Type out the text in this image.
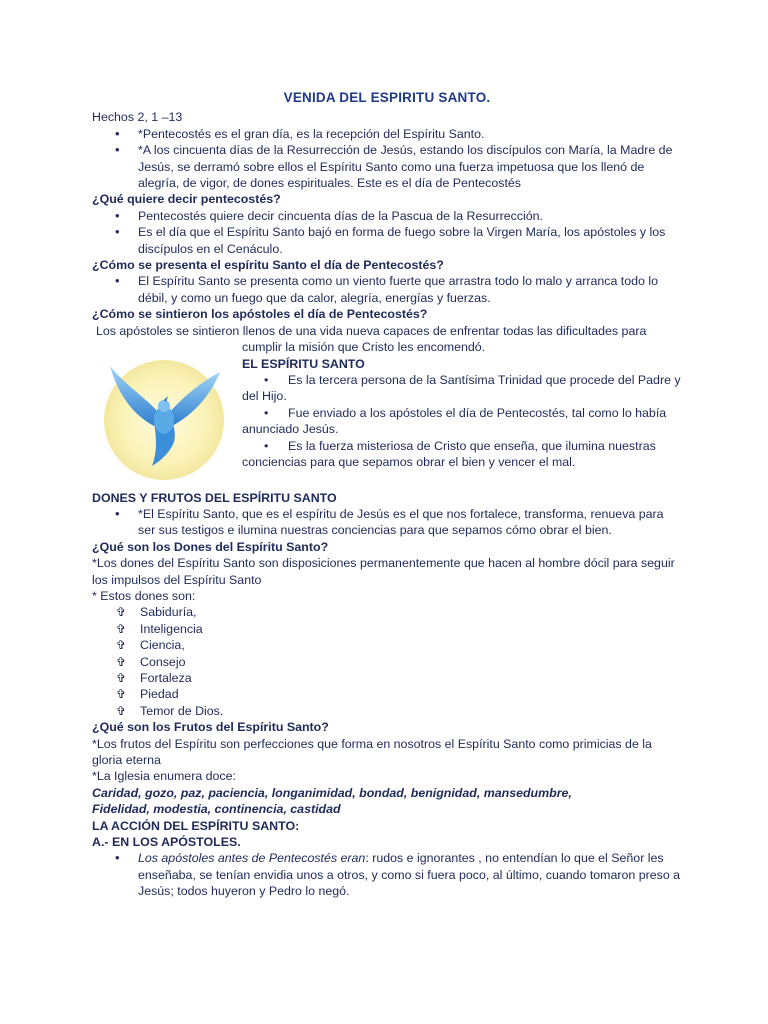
VENIDA DEL ESPIRITU SANTO.

Hechos 2, 1 –13

• *Pentecostés es el gran día, es la recepción del Espíritu Santo.
• *A los cincuenta días de la Resurrección de Jesús, estando los discípulos con María, la Madre de Jesús, se derramó sobre ellos el Espíritu Santo como una fuerza impetuosa que los llenó de alegría, de vigor, de dones espirituales. Este es el día de Pentecostés

¿Qué quiere decir pentecostés?

• Pentecostés quiere decir cincuenta días de la Pascua de la Resurrección.
• Es el día que el Espíritu Santo bajó en forma de fuego sobre la Virgen María, los apóstoles y los discípulos en el Cenáculo.

¿Cómo se presenta el espíritu Santo el día de Pentecostés?

• El Espíritu Santo se presenta como un viento fuerte que arrastra todo lo malo y arranca todo lo débil, y como un fuego que da calor, alegría, energías y fuerzas.

¿Cómo se sintieron los apóstoles el día de Pentecostés?

Los apóstoles se sintieron llenos de una vida nueva capaces de enfrentar todas las dificultades para

cumplir la misión que Cristo les encomendó.

EL ESPÍRITU SANTO

• Es la tercera persona de la Santísima Trinidad que procede del Padre y del Hijo.

• Fue enviado a los apóstoles el día de Pentecostés, tal como lo había anunciado Jesús.

• Es la fuerza misteriosa de Cristo que enseña, que ilumina nuestras conciencias para que sepamos obrar el bien y vencer el mal.

DONES Y FRUTOS DEL ESPÍRITU SANTO

• *El Espíritu Santo, que es el espíritu de Jesús es el que nos fortalece, transforma, renueva para ser sus testigos e ilumina nuestras conciencias para que sepamos cómo obrar el bien.

¿Qué son los Dones del Espíritu Santo?

*Los dones del Espíritu Santo son disposiciones permanentemente que hacen al hombre dócil para seguir los impulsos del Espíritu Santo

* Estos dones son:

✞ Sabiduría,
✞ Inteligencia
✞ Ciencia,
✞ Consejo
✞ Fortaleza
✞ Piedad
✞ Temor de Dios.

¿Qué son los Frutos del Espíritu Santo?

*Los frutos del Espíritu son perfecciones que forma en nosotros el Espíritu Santo como primicias de la gloria eterna

*La Iglesia enumera doce:

Caridad, gozo, paz, paciencia, longanimidad, bondad, benignidad, mansedumbre,

Fidelidad, modestia, continencia, castidad

LA ACCIÓN DEL ESPÍRITU SANTO:

A.- EN LOS APÓSTOLES.

• Los apóstoles antes de Pentecostés eran: rudos e ignorantes , no entendían lo que el Señor les enseñaba, se tenían envidia unos a otros, y como si fuera poco, al último, cuando tomaron preso a Jesús; todos huyeron y Pedro lo negó.
